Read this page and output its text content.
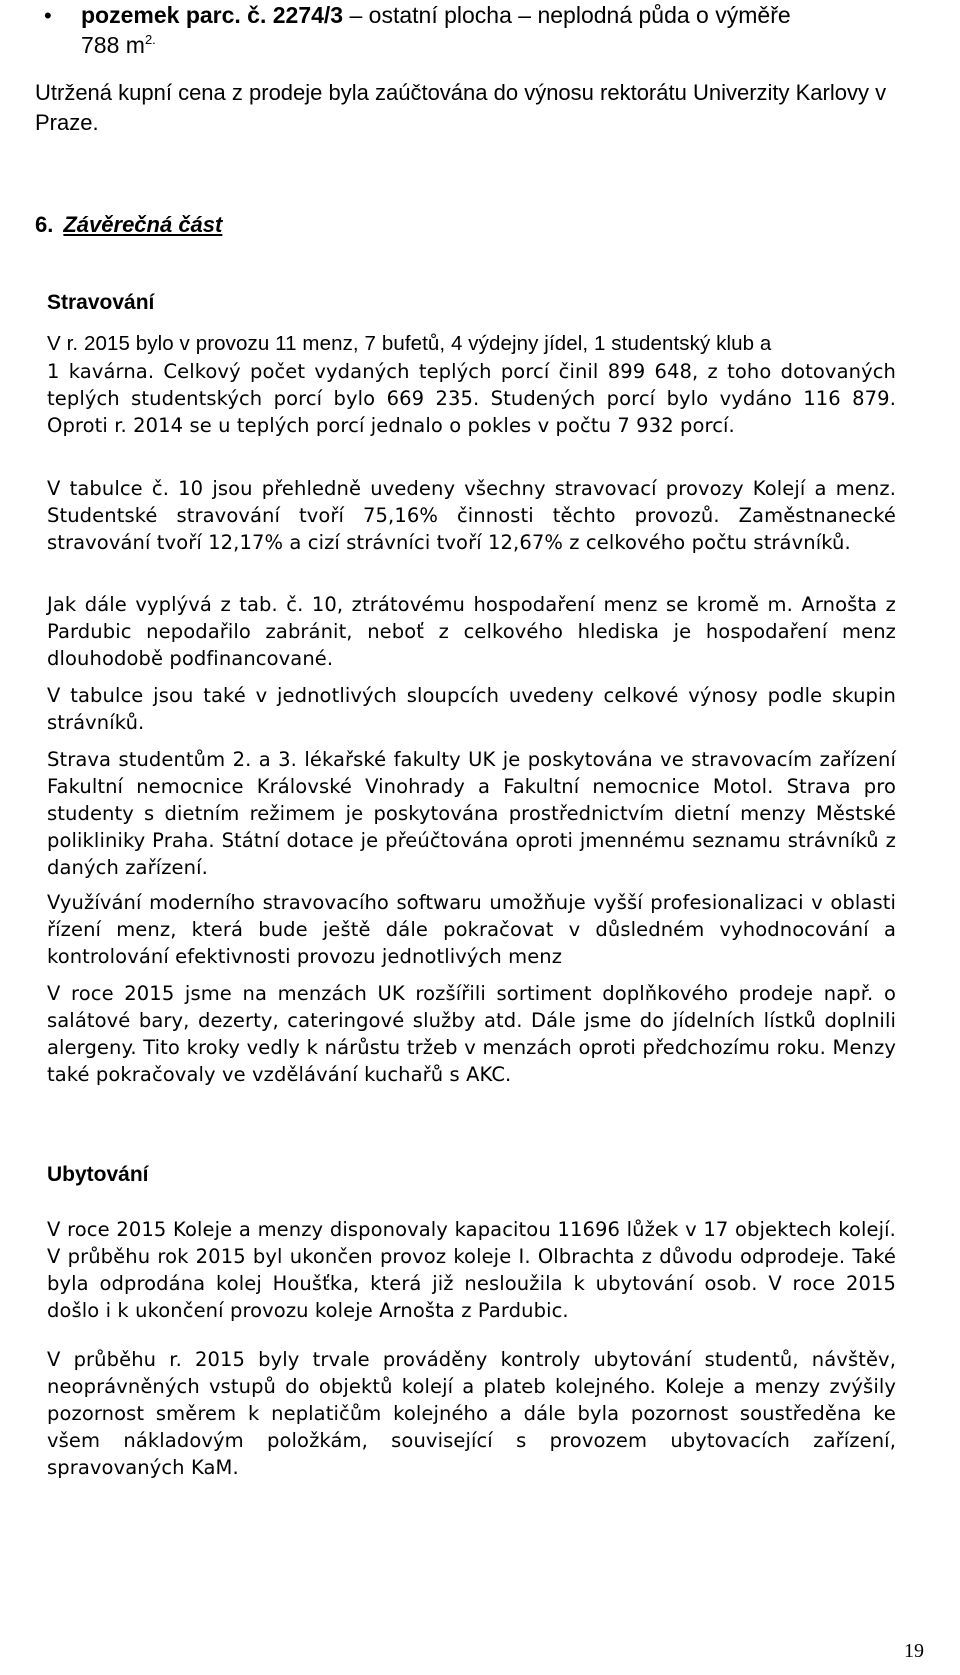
• pozemek parc. č. 2274/3 – ostatní plocha – neplodná půda o výměře
788 $m^{2.}$
Utržená kupní cena z prodeje byla zaúčtována do výnosu rektorátu Univerzity Karlovy v Praze.
6. Závěrečná část
Stravování
V r. 2015 bylo v provozu 11 menz, 7 bufetů, 4 výdejny jídel, 1 studentský klub a
1 kavárna. Celkový počet vydaných teplých porcí činil 899 648, z toho dotovaných teplých studentských porcí bylo 669 235. Studených porcí bylo vydáno 116 879. Oproti r. 2014 se u teplých porcí jednalo o pokles v počtu 7 932 porcí.
V tabulce č. 10 jsou přehledně uvedeny všechny stravovací provozy Kolejí a menz. Studentské stravování tvoří 75,16% činnosti těchto provozů. Zaměstnanecké stravování tvoří 12,17% a cizí strávníci tvoří 12,67% z celkového počtu strávníků.
Jak dále vyplývá z tab. č. 10, ztrátovému hospodaření menz se kromě m. Arnošta z Pardubic nepodařilo zabránit, neboť z celkového hlediska je hospodaření menz dlouhodobě podfinancované.
V tabulce jsou také v jednotlivých sloupcích uvedeny celkové výnosy podle skupin strávníků.
Strava studentům 2. a 3. lékařské fakulty UK je poskytována ve stravovacím zařízení Fakultní nemocnice Královské Vinohrady a Fakultní nemocnice Motol. Strava pro studenty s dietním režimem je poskytována prostřednictvím dietní menzy Městské polikliniky Praha. Státní dotace je přeúčtována oproti jmennému seznamu strávníků z daných zařízení.
Využívání moderního stravovacího softwaru umožňuje vyšší profesionalizaci v oblasti řízení menz, která bude ještě dále pokračovat v důsledném vyhodnocování a kontrolování efektivnosti provozu jednotlivých menz
V roce 2015 jsme na menzách UK rozšířili sortiment doplňkového prodeje např. o salátové bary, dezerty, cateringové služby atd. Dále jsme do jídelních lístků doplnili alergeny. Tito kroky vedly k nárůstu tržeb v menzách oproti předchozímu roku. Menzy také pokračovaly ve vzdělávání kuchařů s AKC.
Ubytování
V roce 2015 Koleje a menzy disponovaly kapacitou 11696 lůžek v 17 objektech kolejí. V průběhu rok 2015 byl ukončen provoz koleje I. Olbrachta z důvodu odprodeje. Také byla odprodána kolej Houšťka, která již nesloužila k ubytování osob. V roce 2015 došlo i k ukončení provozu koleje Arnošta z Pardubic.
V průběhu r. 2015 byly trvale prováděny kontroly ubytování studentů, návštěv, neoprávněných vstupů do objektů kolejí a plateb kolejného. Koleje a menzy zvýšily pozornost směrem k neplatičům kolejného a dále byla pozornost soustředěna ke všem nákladovým položkám, související s provozem ubytovacích zařízení, spravovaných KaM.
19
